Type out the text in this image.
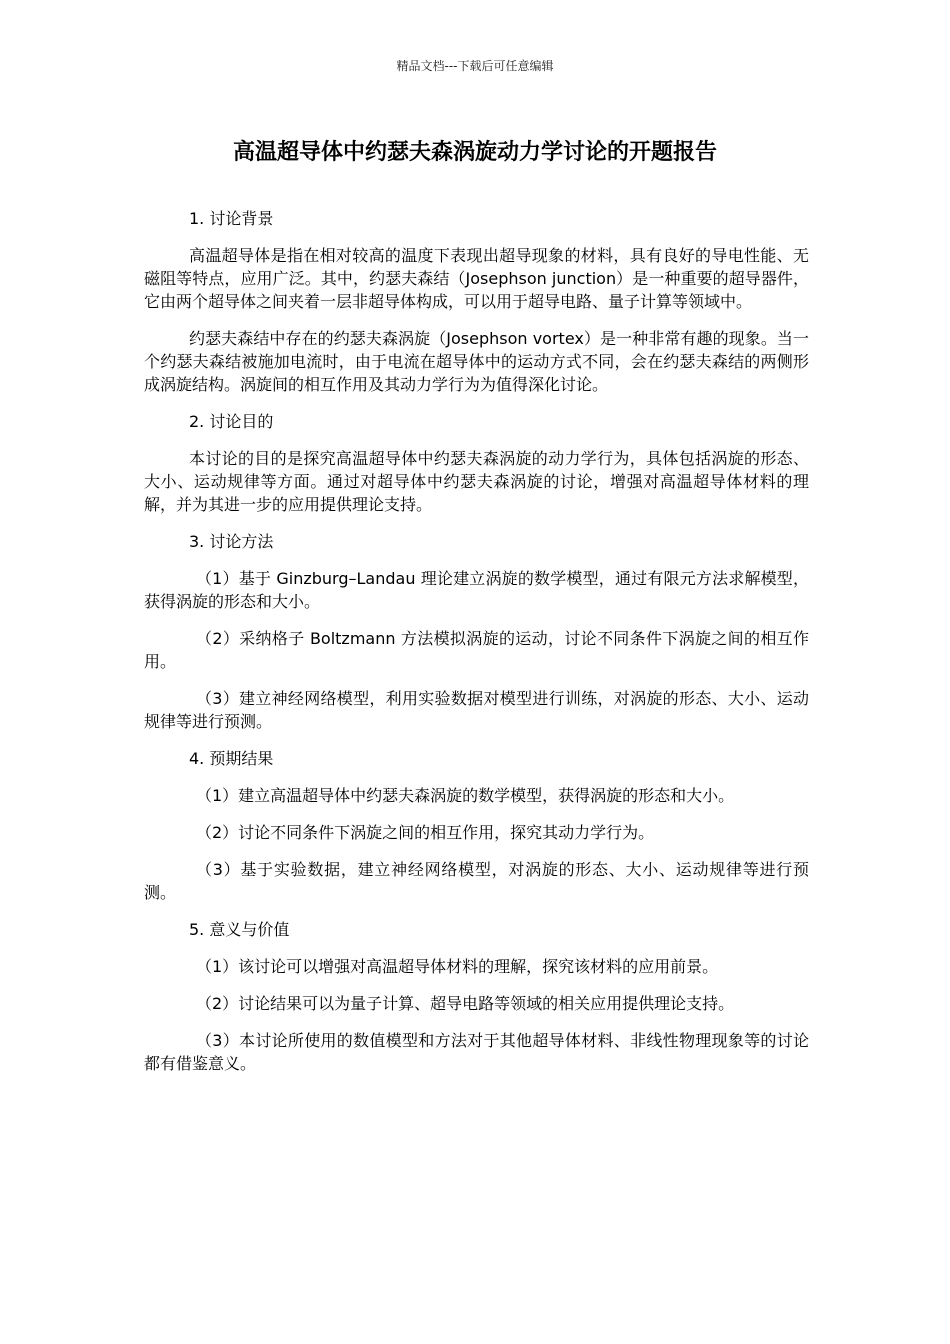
精品文档---下载后可任意编辑
高温超导体中约瑟夫森涡旋动力学讨论的开题报告

1. 讨论背景

高温超导体是指在相对较高的温度下表现出超导现象的材料，具有良好的导电性能、无磁阻等特点，应用广泛。其中，约瑟夫森结（Josephson junction）是一种重要的超导器件，它由两个超导体之间夹着一层非超导体构成，可以用于超导电路、量子计算等领域中。

约瑟夫森结中存在的约瑟夫森涡旋（Josephson vortex）是一种非常有趣的现象。当一个约瑟夫森结被施加电流时，由于电流在超导体中的运动方式不同，会在约瑟夫森结的两侧形成涡旋结构。涡旋间的相互作用及其动力学行为为值得深化讨论。

2. 讨论目的

本讨论的目的是探究高温超导体中约瑟夫森涡旋的动力学行为，具体包括涡旋的形态、大小、运动规律等方面。通过对超导体中约瑟夫森涡旋的讨论，增强对高温超导体材料的理解，并为其进一步的应用提供理论支持。

3. 讨论方法

（1）基于 Ginzburg–Landau 理论建立涡旋的数学模型，通过有限元方法求解模型，获得涡旋的形态和大小。

（2）采纳格子 Boltzmann 方法模拟涡旋的运动，讨论不同条件下涡旋之间的相互作用。

（3）建立神经网络模型，利用实验数据对模型进行训练，对涡旋的形态、大小、运动规律等进行预测。

4. 预期结果

（1）建立高温超导体中约瑟夫森涡旋的数学模型，获得涡旋的形态和大小。

（2）讨论不同条件下涡旋之间的相互作用，探究其动力学行为。

（3）基于实验数据，建立神经网络模型，对涡旋的形态、大小、运动规律等进行预测。

5. 意义与价值

（1）该讨论可以增强对高温超导体材料的理解，探究该材料的应用前景。

（2）讨论结果可以为量子计算、超导电路等领域的相关应用提供理论支持。

（3）本讨论所使用的数值模型和方法对于其他超导体材料、非线性物理现象等的讨论都有借鉴意义。
